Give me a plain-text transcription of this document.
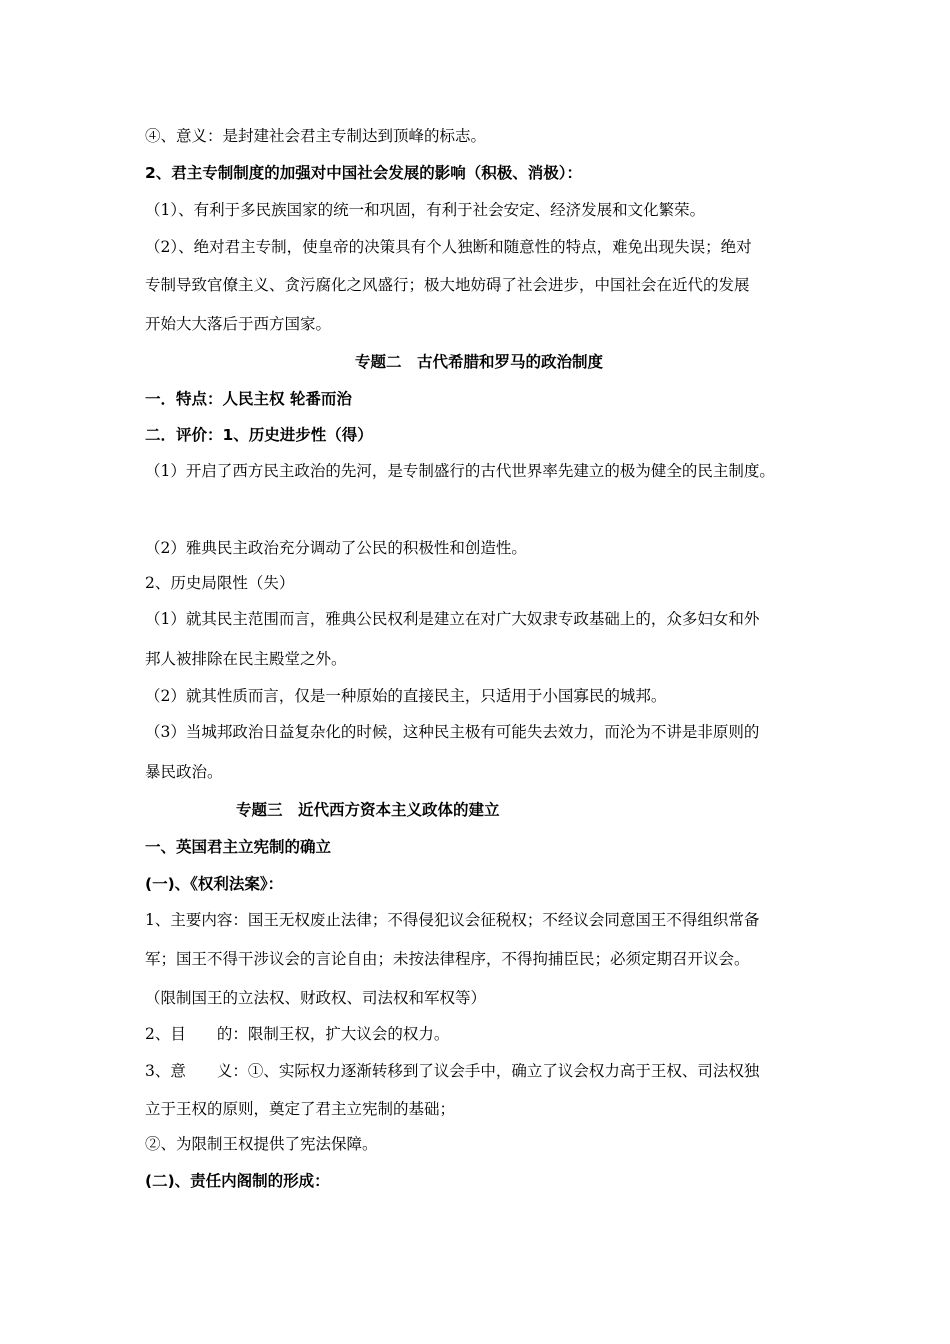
④、意义：是封建社会君主专制达到顶峰的标志。
2、君主专制制度的加强对中国社会发展的影响（积极、消极）：
（1）、有利于多民族国家的统一和巩固，有利于社会安定、经济发展和文化繁荣。
（2）、绝对君主专制，使皇帝的决策具有个人独断和随意性的特点，难免出现失误；绝对
专制导致官僚主义、贪污腐化之风盛行；极大地妨碍了社会进步，中国社会在近代的发展
开始大大落后于西方国家。
专题二　古代希腊和罗马的政治制度
一．特点：人民主权 轮番而治
二．评价：1、历史进步性（得）
（1）开启了西方民主政治的先河，是专制盛行的古代世界率先建立的极为健全的民主制度。
（2）雅典民主政治充分调动了公民的积极性和创造性。
2、历史局限性（失）
（1）就其民主范围而言，雅典公民权利是建立在对广大奴隶专政基础上的，众多妇女和外
邦人被排除在民主殿堂之外。
（2）就其性质而言，仅是一种原始的直接民主，只适用于小国寡民的城邦。
（3）当城邦政治日益复杂化的时候，这种民主极有可能失去效力，而沦为不讲是非原则的
暴民政治。
专题三　近代西方资本主义政体的建立
一、英国君主立宪制的确立
(一)、《权利法案》：
1、主要内容：国王无权废止法律；不得侵犯议会征税权；不经议会同意国王不得组织常备
军；国王不得干涉议会的言论自由；未按法律程序，不得拘捕臣民；必须定期召开议会。
（限制国王的立法权、财政权、司法权和军权等）
2、目　　的：限制王权，扩大议会的权力。
3、意　　义：①、实际权力逐渐转移到了议会手中，确立了议会权力高于王权、司法权独
立于王权的原则，奠定了君主立宪制的基础；
②、为限制王权提供了宪法保障。
(二)、责任内阁制的形成：
